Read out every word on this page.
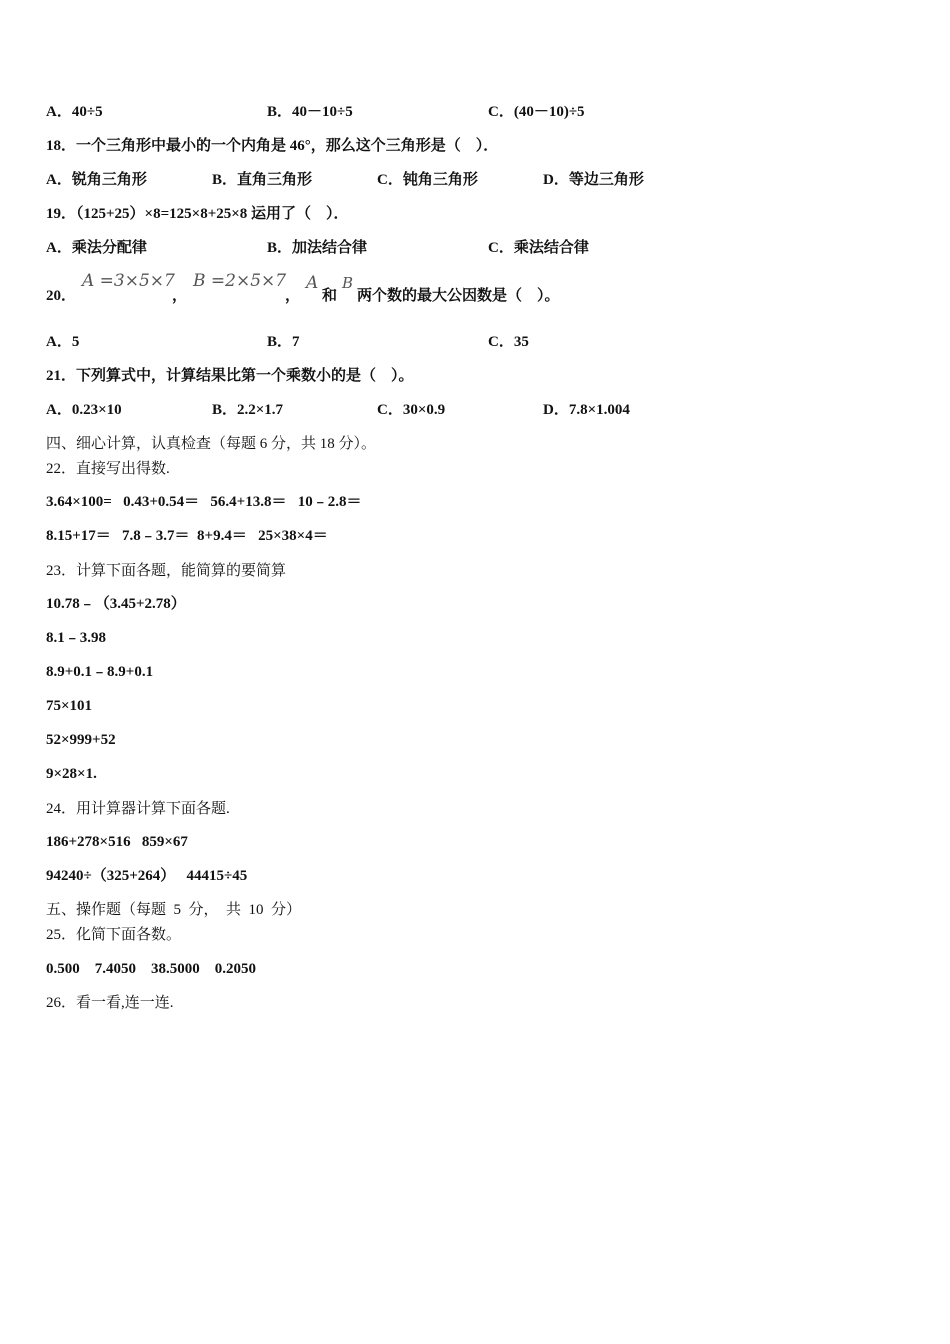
A．40÷5	B．40－10÷5	C．(40－10)÷5
18．一个三角形中最小的一个内角是 46°，那么这个三角形是（　）．
A．锐角三角形	B．直角三角形	C．钝角三角形	D．等边三角形
19．（125+25）×8=125×8+25×8 运用了（　）．
A．乘法分配律	B．加法结合律	C．乘法结合律
20．
A =3×5×7
，
B =2×5×7
，
A
和
B
两个数的最大公因数是（　）。
A．5	B．7	C．35
21．下列算式中，计算结果比第一个乘数小的是（　）。
A．0.23×10	B．2.2×1.7	C．30×0.9	D．7.8×1.004
四、细心计算，认真检查（每题 6 分，共 18 分）。
22．直接写出得数.
3.64×100=   0.43+0.54＝   56.4+13.8＝   10﹣2.8＝
8.15+17＝   7.8﹣3.7＝  8+9.4＝   25×38×4＝
23．计算下面各题，能简算的要简算
10.78﹣（3.45+2.78）
8.1﹣3.98
8.9+0.1﹣8.9+0.1
75×101
52×999+52
9×28×1.
24．用计算器计算下面各题.
186+278×516   859×67
94240÷（325+264）   44415÷45
五、操作题（每题  5  分，  共  10  分）
25．化简下面各数。
0.500    7.4050    38.5000    0.2050
26．看一看,连一连.
